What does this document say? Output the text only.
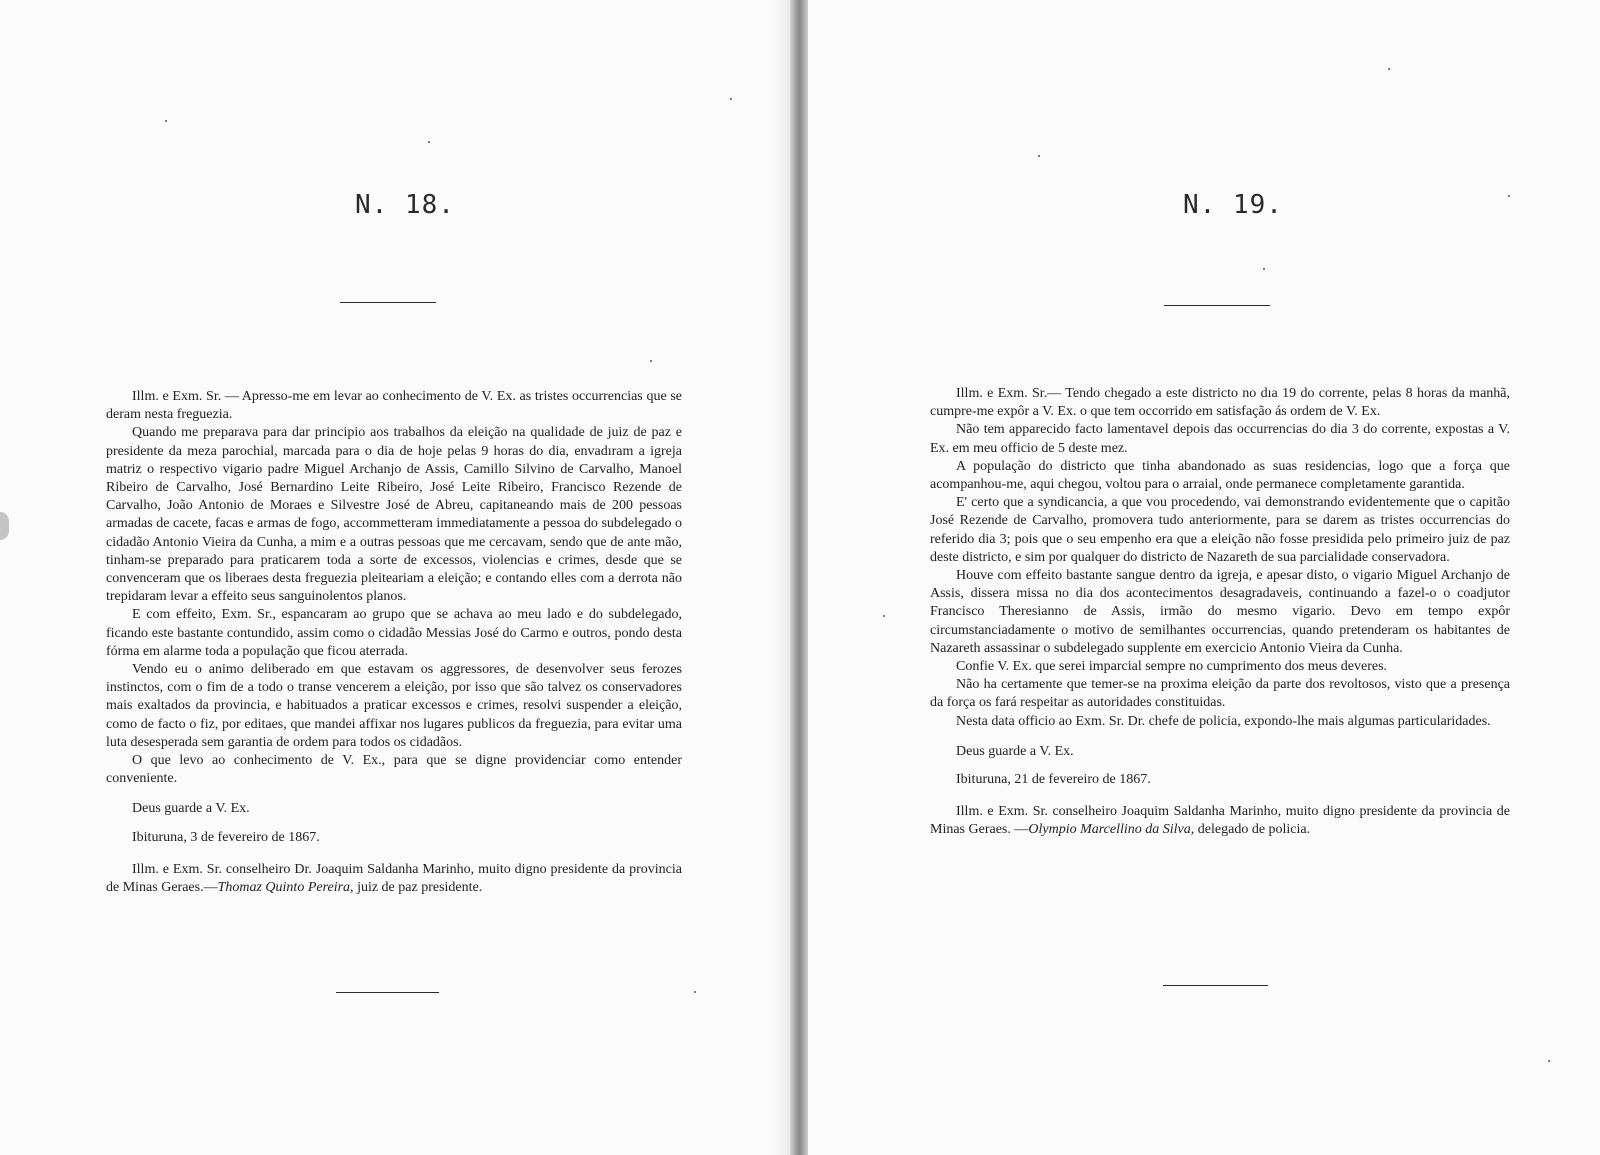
N. 18.

Illm. e Exm. Sr. — Apresso-me em levar ao conhecimento de V. Ex. as tristes occurrencias que se deram nesta freguezia.

Quando me preparava para dar principio aos trabalhos da eleição na qualidade de juiz de paz e presidente da meza parochial, marcada para o dia de hoje pelas 9 horas do dia, envadıram a igreja matriz o respectivo vigario padre Miguel Archanjo de Assis, Camillo Silvino de Carvalho, Manoel Ribeiro de Carvalho, José Bernardino Leite Ribeiro, José Leite Ribeiro, Francisco Rezende de Carvalho, João Antonio de Moraes e Silvestre José de Abreu, capitaneando mais de 200 pessoas armadas de cacete, facas e armas de fogo, accommetteram immediatamente a pessoa do subdelegado o cidadão Antonio Vieira da Cunha, a mim e a outras pessoas que me cercavam, sendo que de ante mão, tinham-se preparado para praticarem toda a sorte de excessos, violencias e crimes, desde que se convenceram que os liberaes desta freguezia pleiteariam a eleição; e contando elles com a derrota não trepidaram levar a effeito seus sanguinolentos planos.

E com effeito, Exm. Sr., espancaram ao grupo que se achava ao meu lado e do subdelegado, ficando este bastante contundido, assim como o cidadão Messias José do Carmo e outros, pondo desta fórma em alarme toda a população que ficou aterrada.

Vendo eu o animo deliberado em que estavam os aggressores, de desenvolver seus ferozes instinctos, com o fim de a todo o transe vencerem a eleição, por isso que são talvez os conservadores mais exaltados da provincia, e habituados a praticar excessos e crimes, resolvi suspender a eleição, como de facto o fiz, por editaes, que mandei affixar nos lugares publicos da freguezia, para evitar uma luta desesperada sem garantia de ordem para todos os cidadãos.

O que levo ao conhecimento de V. Ex., para que se digne providenciar como entender conveniente.

Deus guarde a V. Ex.

Ibituruna, 3 de fevereiro de 1867.

Illm. e Exm. Sr. conselheiro Dr. Joaquim Saldanha Marinho, muito digno presidente da provincia de Minas Geraes.—Thomaz Quinto Pereira, juiz de paz presidente.

N. 19.

Illm. e Exm. Sr.— Tendo chegado a este districto no dıa 19 do corrente, pelas 8 horas da manhã, cumpre-me expôr a V. Ex. o que tem occorrido em satisfação ás ordem de V. Ex.

Não tem apparecido facto lamentavel depois das occurrencias do dia 3 do corrente, expostas a V. Ex. em meu officio de 5 deste mez.

A população do districto que tinha abandonado as suas residencias, logo que a força que acompanhou-me, aqui chegou, voltou para o arraial, onde permanece completamente garantida.

E' certo que a syndicancia, a que vou procedendo, vai demonstrando evidentemente que o capitão José Rezende de Carvalho, promovera tudo anteriormente, para se darem as tristes occurrencias do referido dia 3; pois que o seu empenho era que a eleição não fosse presidida pelo primeiro juiz de paz deste districto, e sim por qualquer do districto de Nazareth de sua parcialidade conservadora.

Houve com effeito bastante sangue dentro da igreja, e apesar disto, o vigario Miguel Archanjo de Assis, dissera missa no dia dos acontecimentos desagradaveis, continuando a fazel-o o coadjutor Francisco Theresianno de Assis, irmão do mesmo vigario. Devo em tempo expôr circumstanciadamente o motivo de semilhantes occurrencias, quando pretenderam os habitantes de Nazareth assassinar o subdelegado supplente em exercicio Antonio Vieira da Cunha.

Confie V. Ex. que serei imparcial sempre no cumprimento dos meus deveres.

Não ha certamente que temer-se na proxima eleição da parte dos revoltosos, visto que a presença da força os fará respeitar as autoridades constituidas.

Nesta data officio ao Exm. Sr. Dr. chefe de policia, expondo-lhe mais algumas particularidades.

Deus guarde a V. Ex.

Ibituruna, 21 de fevereiro de 1867.

Illm. e Exm. Sr. conselheiro Joaquim Saldanha Marinho, muito digno presidente da provincia de Minas Geraes. —Olympio Marcellino da Silva, delegado de policia.
